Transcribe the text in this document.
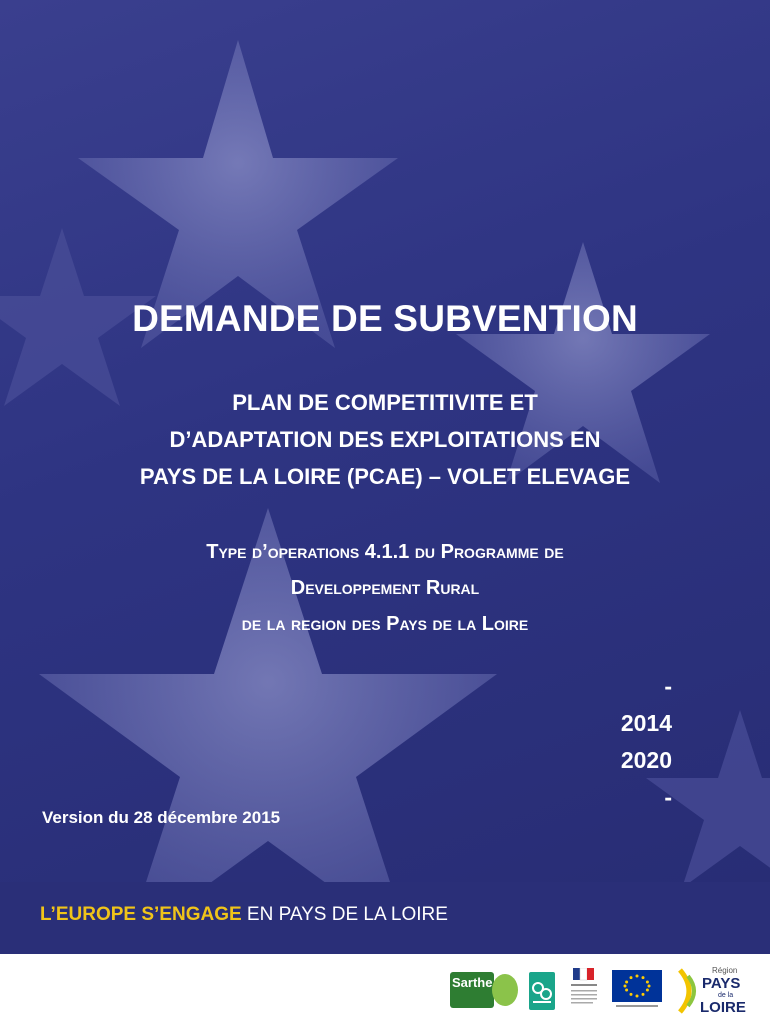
DEMANDE DE SUBVENTION
PLAN DE COMPETITIVITE ET
D’ADAPTATION DES EXPLOITATIONS EN
PAYS DE LA LOIRE (PCAE) – VOLET ELEVAGE
Type d’operations 4.1.1 du Programme de
Developpement Rural
de la region des Pays de la Loire
-
2014
2020
-
Version du 28 décembre 2015
L’EUROPE S’ENGAGE EN PAYS DE LA LOIRE
Sarthe
Région
PAYS
de la
LOIRE
